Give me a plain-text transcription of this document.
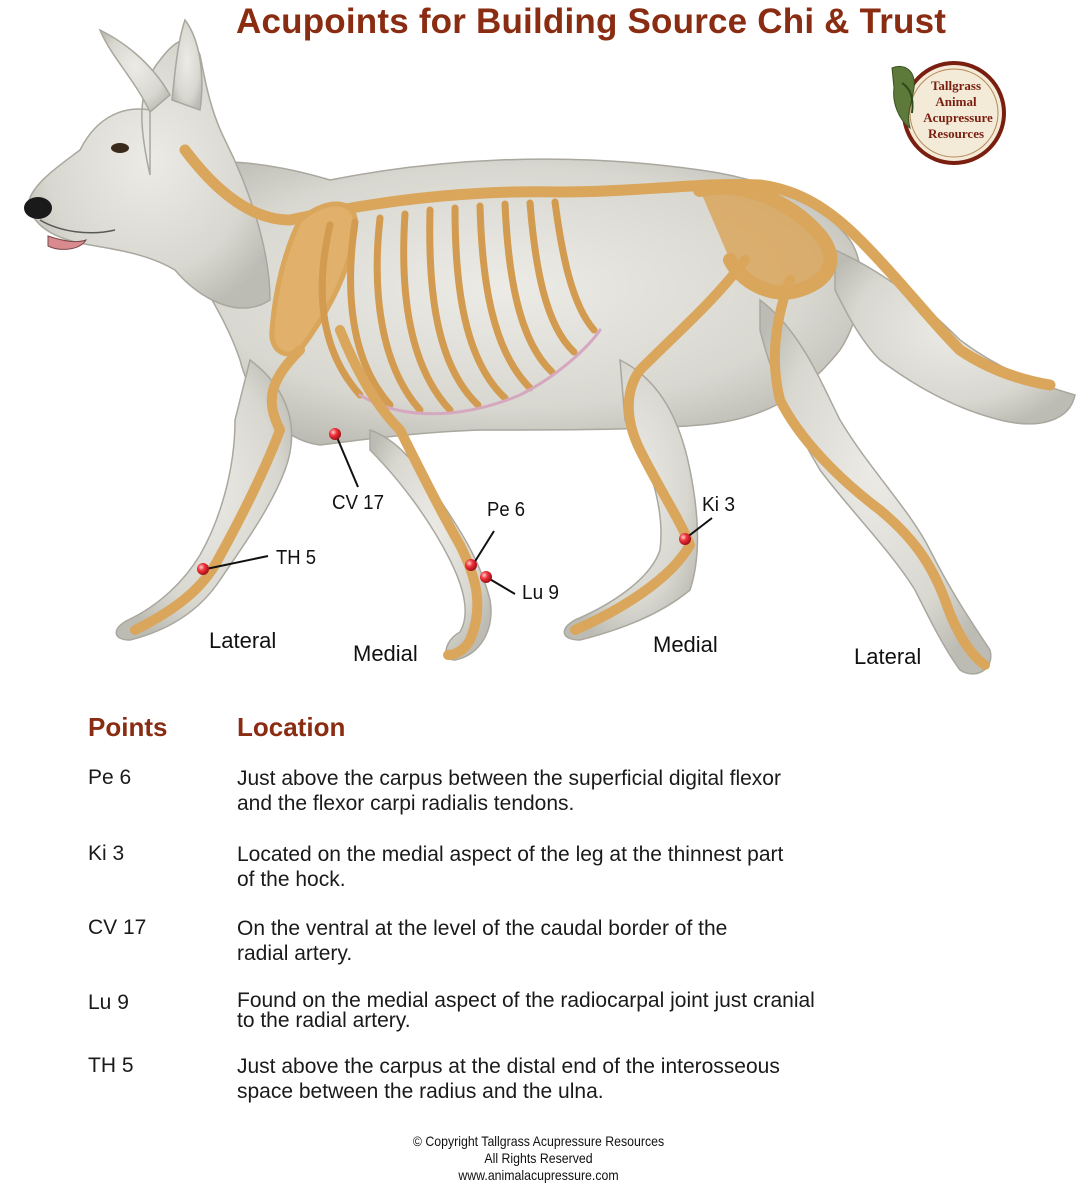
CV 17	Pe 6
Lu 9
TH 5
Ki 3
Acupoints for Building Source Chi & Trust
Tallgrass
Animal
Acupressure
Resources
Lateral
Medial	Medial	Lateral
Points	Location
Pe 6	Just above the carpus between the superficial digital flexor
and the flexor carpi radialis tendons.
Ki 3	Located on the medial aspect of the leg at the thinnest part
of the hock.
CV 17	On the ventral at the level of the caudal border of the
radial artery.
Lu 9	Found on the medial aspect of the radiocarpal joint just cranial
to the radial artery.
TH 5	Just above the carpus at the distal end of the interosseous
space between the radius and the ulna.
© Copyright Tallgrass Acupressure Resources
All Rights Reserved
www.animalacupressure.com
